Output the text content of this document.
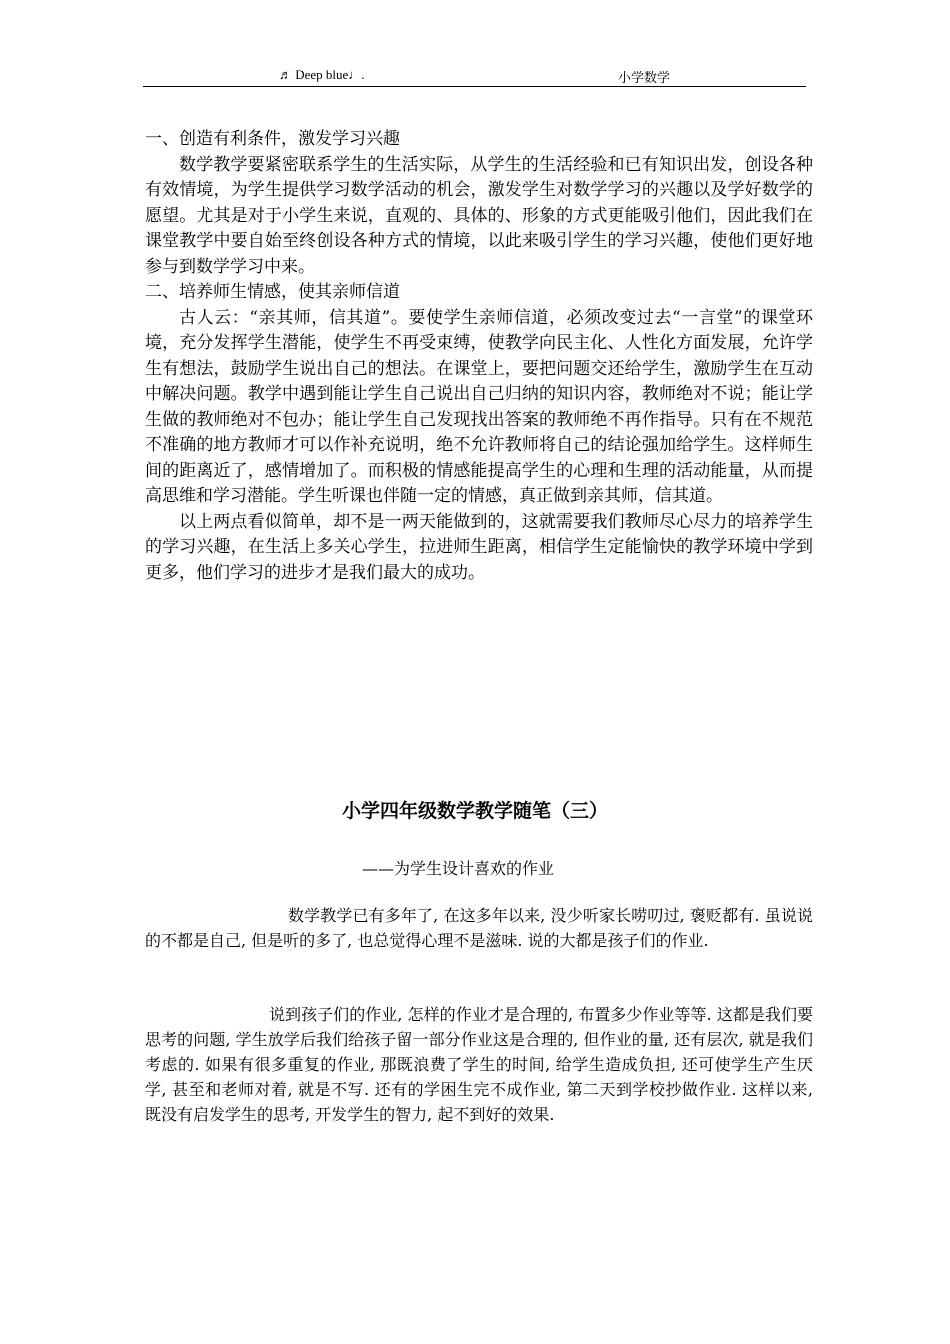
♬ Deep blue♩.	小学数学

一、创造有利条件，激发学习兴趣

数学教学要紧密联系学生的生活实际，从学生的生活经验和已有知识出发，创设各种有效情境，为学生提供学习数学活动的机会，激发学生对数学学习的兴趣以及学好数学的愿望。尤其是对于小学生来说，直观的、具体的、形象的方式更能吸引他们，因此我们在课堂教学中要自始至终创设各种方式的情境，以此来吸引学生的学习兴趣，使他们更好地参与到数学学习中来。

二、培养师生情感，使其亲师信道

古人云：“亲其师，信其道”。要使学生亲师信道，必须改变过去“一言堂”的课堂环境，充分发挥学生潜能，使学生不再受束缚，使教学向民主化、人性化方面发展，允许学生有想法，鼓励学生说出自己的想法。在课堂上，要把问题交还给学生，激励学生在互动中解决问题。教学中遇到能让学生自己说出自己归纳的知识内容，教师绝对不说；能让学生做的教师绝对不包办；能让学生自己发现找出答案的教师绝不再作指导。只有在不规范不准确的地方教师才可以作补充说明，绝不允许教师将自己的结论强加给学生。这样师生间的距离近了，感情增加了。而积极的情感能提高学生的心理和生理的活动能量，从而提高思维和学习潜能。学生听课也伴随一定的情感，真正做到亲其师，信其道。

以上两点看似简单，却不是一两天能做到的，这就需要我们教师尽心尽力的培养学生的学习兴趣，在生活上多关心学生，拉进师生距离，相信学生定能愉快的教学环境中学到更多，他们学习的进步才是我们最大的成功。

小学四年级数学教学随笔（三）
——为学生设计喜欢的作业

数学教学已有多年了, 在这多年以来, 没少听家长唠叨过, 褒贬都有. 虽说说的不都是自己, 但是听的多了, 也总觉得心理不是滋味. 说的大都是孩子们的作业.

说到孩子们的作业, 怎样的作业才是合理的, 布置多少作业等等. 这都是我们要思考的问题, 学生放学后我们给孩子留一部分作业这是合理的, 但作业的量, 还有层次, 就是我们考虑的. 如果有很多重复的作业, 那既浪费了学生的时间, 给学生造成负担, 还可使学生产生厌学, 甚至和老师对着, 就是不写. 还有的学困生完不成作业, 第二天到学校抄做作业. 这样以来, 既没有启发学生的思考, 开发学生的智力, 起不到好的效果.
